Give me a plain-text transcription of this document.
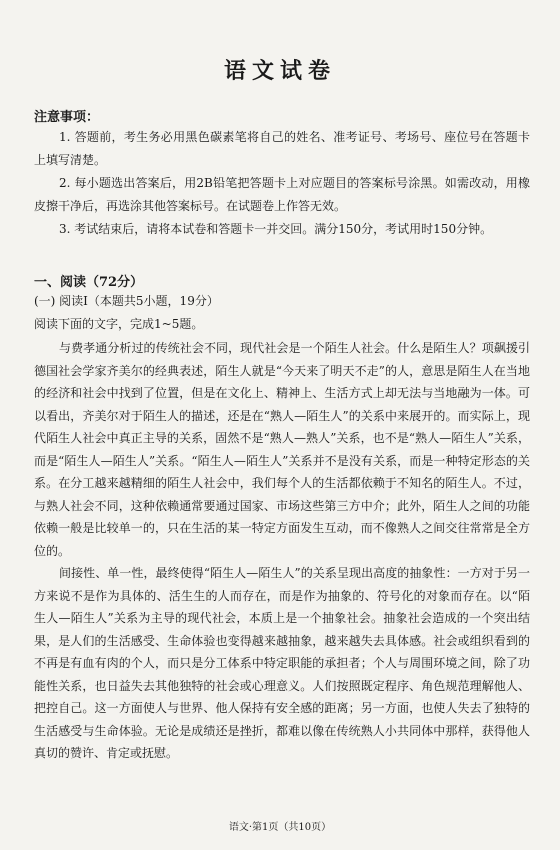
语文试卷
注意事项：
1. 答题前，考生务必用黑色碳素笔将自己的姓名、准考证号、考场号、座位号在答题卡上填写清楚。
2. 每小题选出答案后，用2B铅笔把答题卡上对应题目的答案标号涂黑。如需改动，用橡皮擦干净后，再选涂其他答案标号。在试题卷上作答无效。
3. 考试结束后，请将本试卷和答题卡一并交回。满分150分，考试用时150分钟。
一、阅读（72分）
(一) 阅读Ⅰ（本题共5小题，19分）
阅读下面的文字，完成1~5题。
与费孝通分析过的传统社会不同，现代社会是一个陌生人社会。什么是陌生人？项飙援引德国社会学家齐美尔的经典表述，陌生人就是“今天来了明天不走”的人，意思是陌生人在当地的经济和社会中找到了位置，但是在文化上、精神上、生活方式上却无法与当地融为一体。可以看出，齐美尔对于陌生人的描述，还是在“熟人—陌生人”的关系中来展开的。而实际上，现代陌生人社会中真正主导的关系，固然不是“熟人—熟人”关系，也不是“熟人—陌生人”关系，而是“陌生人—陌生人”关系。“陌生人—陌生人”关系并不是没有关系，而是一种特定形态的关系。在分工越来越精细的陌生人社会中，我们每个人的生活都依赖于不知名的陌生人。不过，与熟人社会不同，这种依赖通常要通过国家、市场这些第三方中介；此外，陌生人之间的功能依赖一般是比较单一的，只在生活的某一特定方面发生互动，而不像熟人之间交往常常是全方位的。
间接性、单一性，最终使得“陌生人—陌生人”的关系呈现出高度的抽象性：一方对于另一方来说不是作为具体的、活生生的人而存在，而是作为抽象的、符号化的对象而存在。以“陌生人—陌生人”关系为主导的现代社会，本质上是一个抽象社会。抽象社会造成的一个突出结果，是人们的生活感受、生命体验也变得越来越抽象，越来越失去具体感。社会或组织看到的不再是有血有肉的个人，而只是分工体系中特定职能的承担者；个人与周围环境之间，除了功能性关系，也日益失去其他独特的社会或心理意义。人们按照既定程序、角色规范理解他人、把控自己。这一方面使人与世界、他人保持有安全感的距离；另一方面，也使人失去了独特的生活感受与生命体验。无论是成绩还是挫折，都难以像在传统熟人小共同体中那样，获得他人真切的赞许、肯定或抚慰。
语文·第1页（共10页）
